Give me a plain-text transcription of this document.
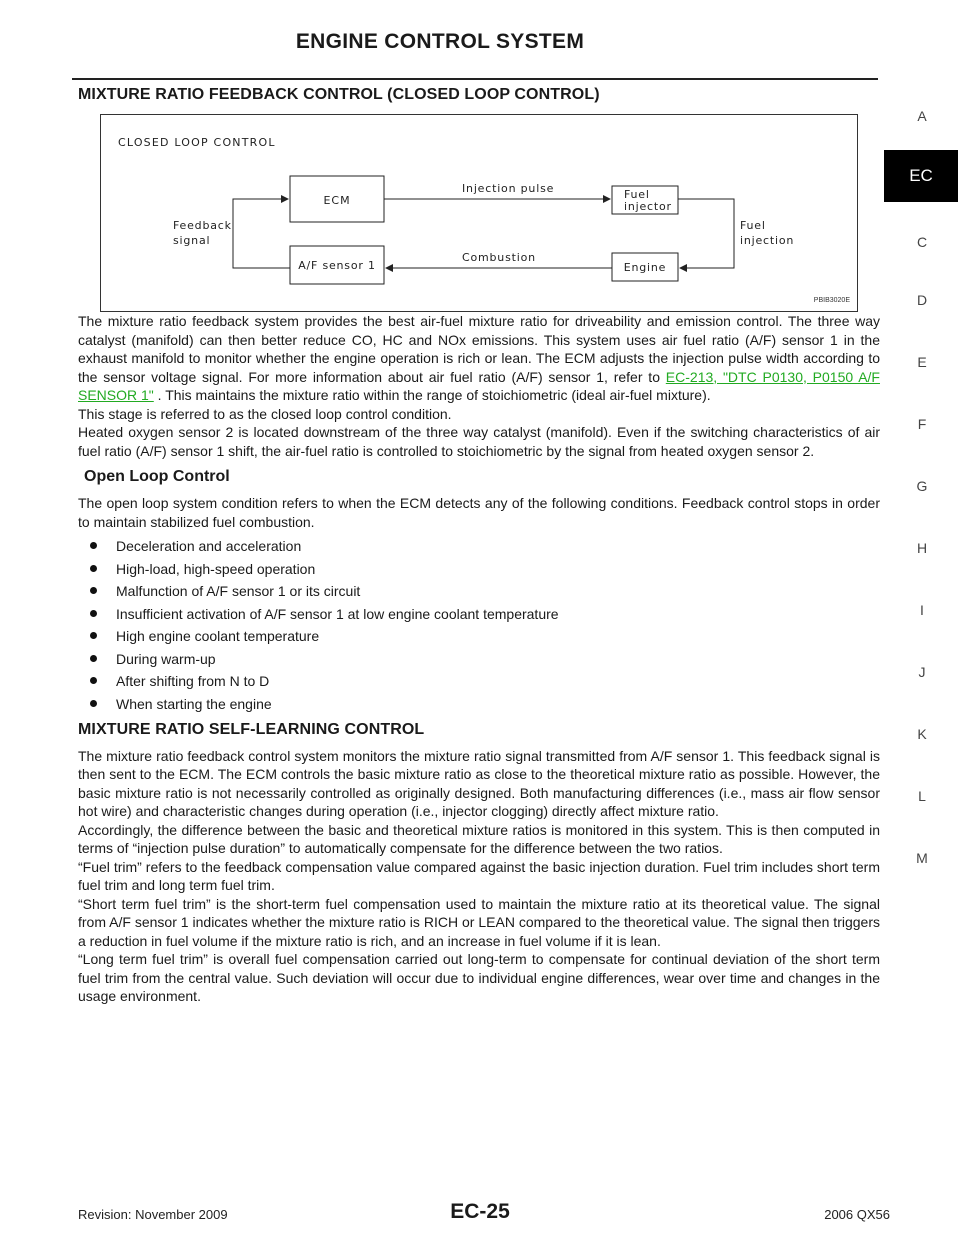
ENGINE CONTROL SYSTEM
A
EC
C
D
E
F
G
H
I
J
K
L
M
MIXTURE RATIO FEEDBACK CONTROL (CLOSED LOOP CONTROL)
CLOSED LOOP CONTROL
ECM	Fuel
injector
A/F sensor 1	Engine
Injection pulse
Fuel
injection
Combustion
Feedback
signal
PBIB3020E

The mixture ratio feedback system provides the best air-fuel mixture ratio for driveability and emission control. The three way catalyst (manifold) can then better reduce CO, HC and NOx emissions. This system uses air fuel ratio (A/F) sensor 1 in the exhaust manifold to monitor whether the engine operation is rich or lean. The ECM adjusts the injection pulse width according to the sensor voltage signal. For more information about air fuel ratio (A/F) sensor 1, refer to EC-213, "DTC P0130, P0150 A/F SENSOR 1" . This maintains the mixture ratio within the range of stoichiometric (ideal air-fuel mixture).

This stage is referred to as the closed loop control condition.

Heated oxygen sensor 2 is located downstream of the three way catalyst (manifold). Even if the switching characteristics of air fuel ratio (A/F) sensor 1 shift, the air-fuel ratio is controlled to stoichiometric by the signal from heated oxygen sensor 2.

Open Loop Control

The open loop system condition refers to when the ECM detects any of the following conditions. Feedback control stops in order to maintain stabilized fuel combustion.

Deceleration and acceleration
High-load, high-speed operation
Malfunction of A/F sensor 1 or its circuit
Insufficient activation of A/F sensor 1 at low engine coolant temperature
High engine coolant temperature
During warm-up
After shifting from N to D
When starting the engine
MIXTURE RATIO SELF-LEARNING CONTROL

The mixture ratio feedback control system monitors the mixture ratio signal transmitted from A/F sensor 1. This feedback signal is then sent to the ECM. The ECM controls the basic mixture ratio as close to the theoretical mixture ratio as possible. However, the basic mixture ratio is not necessarily controlled as originally designed. Both manufacturing differences (i.e., mass air flow sensor hot wire) and characteristic changes during operation (i.e., injector clogging) directly affect mixture ratio.

Accordingly, the difference between the basic and theoretical mixture ratios is monitored in this system. This is then computed in terms of “injection pulse duration” to automatically compensate for the difference between the two ratios.

“Fuel trim” refers to the feedback compensation value compared against the basic injection duration. Fuel trim includes short term fuel trim and long term fuel trim.

“Short term fuel trim” is the short-term fuel compensation used to maintain the mixture ratio at its theoretical value. The signal from A/F sensor 1 indicates whether the mixture ratio is RICH or LEAN compared to the theoretical value. The signal then triggers a reduction in fuel volume if the mixture ratio is rich, and an increase in fuel volume if it is lean.

“Long term fuel trim” is overall fuel compensation carried out long-term to compensate for continual deviation of the short term fuel trim from the central value. Such deviation will occur due to individual engine differences, wear over time and changes in the usage environment.

Revision: November 2009	EC-25	2006 QX56
